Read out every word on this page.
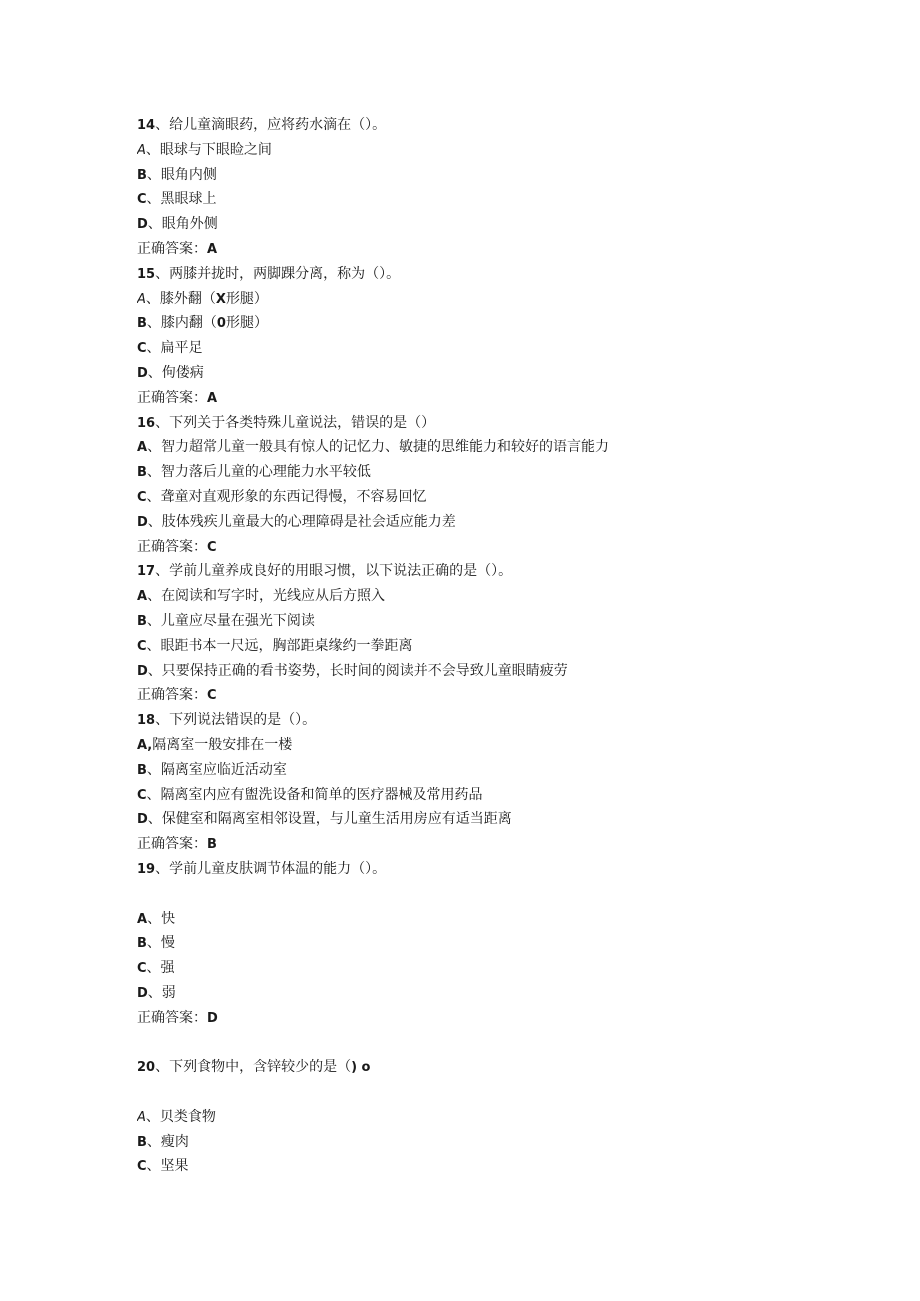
14、给儿童滴眼药，应将药水滴在（）。
A、眼球与下眼睑之间
B、眼角内侧
C、黑眼球上
D、眼角外侧
正确答案：A
15、两膝并拢时，两脚踝分离，称为（）。
A、膝外翻（X形腿）
B、膝内翻（0形腿）
C、扁平足
D、佝偻病
正确答案：A
16、下列关于各类特殊儿童说法，错误的是（）
A、智力超常儿童一般具有惊人的记忆力、敏捷的思维能力和较好的语言能力
B、智力落后儿童的心理能力水平较低
C、聋童对直观形象的东西记得慢，不容易回忆
D、肢体残疾儿童最大的心理障碍是社会适应能力差
正确答案：C
17、学前儿童养成良好的用眼习惯，以下说法正确的是（）。
A、在阅读和写字时，光线应从后方照入
B、儿童应尽量在强光下阅读
C、眼距书本一尺远，胸部距桌缘约一拳距离
D、只要保持正确的看书姿势，长时间的阅读并不会导致儿童眼睛疲劳
正确答案：C
18、下列说法错误的是（）。
A,隔离室一般安排在一楼
B、隔离室应临近活动室
C、隔离室内应有盥洗设备和简单的医疗器械及常用药品
D、保健室和隔离室相邻设置，与儿童生活用房应有适当距离
正确答案：B
19、学前儿童皮肤调节体温的能力（）。
A、快
B、慢
C、强
D、弱
正确答案：D
20、下列食物中，含锌较少的是（) o
A、贝类食物
B、瘦肉
C、坚果
